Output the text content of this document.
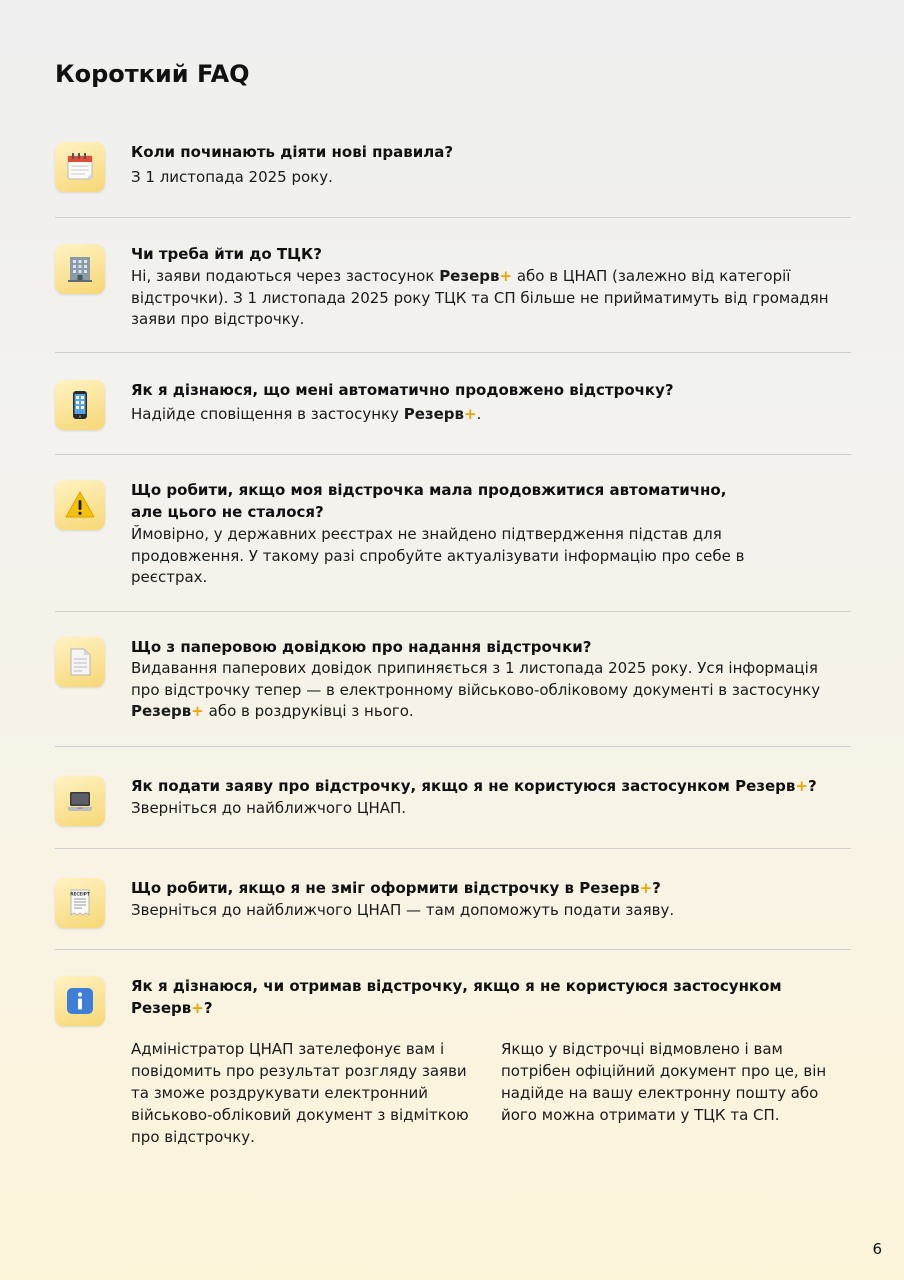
Короткий FAQ

Коли починають діяти нові правила?

З 1 листопада 2025 року.

Чи треба йти до ТЦК?

Ні, заяви подаються через застосунок Резерв+ або в ЦНАП (залежно від категорії відстрочки). З 1 листопада 2025 року ТЦК та СП більше не прийматимуть від громадян заяви про відстрочку.

Як я дізнаюся, що мені автоматично продовжено відстрочку?

Надійде сповіщення в застосунку Резерв+.

Що робити, якщо моя відстрочка мала продовжитися автоматично, але цього не сталося?

Ймовірно, у державних реєстрах не знайдено підтвердження підстав для продовження. У такому разі спробуйте актуалізувати інформацію про себе в реєстрах.

Що з паперовою довідкою про надання відстрочки?

Видавання паперових довідок припиняється з 1 листопада 2025 року. Уся інформація про відстрочку тепер — в електронному військово-обліковому документі в застосунку Резерв+ або в роздруківці з нього.

Як подати заяву про відстрочку, якщо я не користуюся застосунком Резерв+?

Зверніться до найближчого ЦНАП.

RECEIPT	Що робити, якщо я не зміг оформити відстрочку в Резерв+?

Зверніться до найближчого ЦНАП — там допоможуть подати заяву.

Як я дізнаюся, чи отримав відстрочку, якщо я не користуюся застосунком Резерв+?

Адміністратор ЦНАП зателефонує вам і повідомить про результат розгляду заяви та зможе роздрукувати електронний військово-обліковий документ з відміткою про відстрочку.

Якщо у відстрочці відмовлено і вам потрібен офіційний документ про це, він надійде на вашу електронну пошту або його можна отримати у ТЦК та СП.

6
